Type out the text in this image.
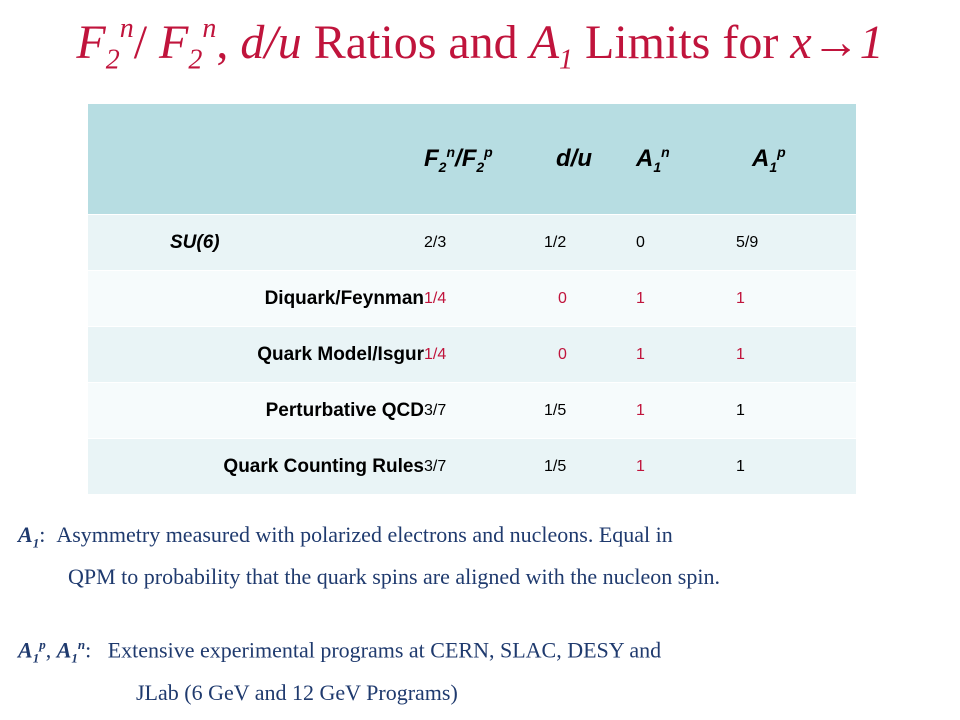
$F_2^n/$ $F_2^n$, d/u Ratios and $A_1$ Limits for x→1
	$F_2^n/F_2^p$	d/u	$A_1^n$	$A_1^p$
SU(6)	2/3	1/2	0	5/9
Diquark/Feynman	1/4	0	1	1
Quark Model/Isgur	1/4	0	1	1
Perturbative QCD	3/7	1/5	1	1
Quark Counting Rules	3/7	1/5	1	1
$A_1$: Asymmetry measured with polarized electrons and nucleons. Equal in
QPM to probability that the quark spins are aligned with the nucleon spin.
$A_1^p$, $A_1^n$: Extensive experimental programs at CERN, SLAC, DESY and
JLab (6 GeV and 12 GeV Programs)
